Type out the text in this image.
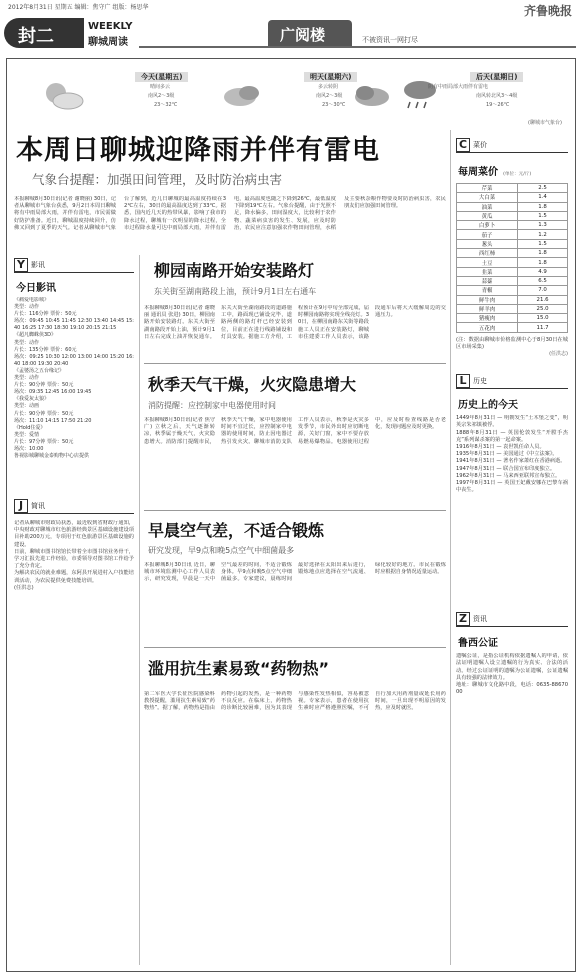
2012年8月31日 星期五 编辑：焦守广 组版：杨思华	齐鲁晚报
封二	WEEKLY
聊城周读	广阅楼	不被资讯一网打尽
今天(星期五)
晴间多云
南风2～3级
23～32℃
明天(星期六)
多云转阴
南风2～3级
23～30℃
后天(星期日)
阴有中雨局部大雨伴有雷电
南风转北风3～4级
19～26℃
(聊城市气象台)
本周日聊城迎降雨并伴有雷电
气象台提醒：加强田间管理，及时防治病虫害

本报聊城8月30日讯(记者 谢晓丽) 30日，记者从聊城市气象台获悉，9月2日本周日聊城将有中雨局部大雨，并伴有雷电，市民需做好防护准备。近日，聊城温度持续回升，仿佛又回到了夏季的天气。记者从聊城市气象台了解到，近几日聊城的最高温度持续在32℃左右，30日的最高温度达到了33℃。据悉，国内近几天的热带风暴，影响了我市的降水过程，聊城有一次明显的降水过程，全市过程降水量可达中雨局部大雨，并伴有雷电，最高温度也随之下降到26℃，最低温度下降到19℃左右。气象台提醒，由于光照不足，降水偏多，田间湿度大，比较利于农作物、蔬菜病虫害的发生、发展，应及时防治，农民应注意加强农作物田间管理，水稻及主要秋杂粮作物要及时防治病虫害，农民朋友们应加强田间管理。

Y 影讯
今日影讯

《痛爱电影城》
类型：动作
片长：116分钟 票价：50元
场次：09:45 10:45 11:45 12:30 13:40 14:45 15:40 16:25 17:30 18:30 19:10 20:15 21:15
《超凡蜘蛛侠3D》
类型：动作
片长：135分钟 票价：60元
场次：09:25 10:30 12:00 13:00 14:00 15:20 16:40 18:00 19:30 20:40
《孟婆汤之五台缘记》
类型：动作
片长：90分钟 票价：50元
场次：09:35 12:45 16:00 19:45
《我爱灰太狼》
类型：动画
片长：90分钟 票价：50元
场次：11:10 14:15 17:50 21:20
《Hold住爱》
类型：爱情
片长：97分钟 票价：50元
场次：10:00
鲁视影城聊城金泰购物中心店提供

J	简讯

记者从聊城市财政局获悉，最近收到省财政厅通知，中央财政对聊城市红色旅游经典景区基础设施建设项目补助200万元，专项用于红色旅游景区基础设施的建设。
日前，聊城市图书馆馆长带着全市图书馆业务骨干，学习汇报先进工作经验，市委领导对图书馆工作给予了充分肯定。
为解决农民的就业难题，东阿县开展进村入户技能培训活动，为农民提供免费技能培训。
(任洪志)

柳园南路开始安装路灯
东关街至湖南路段上油，预计9月1日左右通车

本报聊城8月30日讯(记者 谢晓丽 通讯员 张进) 30日，柳园南路开始安装路灯。东关大街至湖南路段开始上油，预计9月1日左右完成上油并恢复通车。东关大街至湖南路段的道路施工中，路面现已铺设完毕，道路两侧的路灯杆已经安装到位，目前正在进行线路铺设和灯具安装。据施工方介绍，工程预计在9月中旬全部完成，届时柳园南路将实现全线亮灯。30日，在柳园南路东关街等路段施工人员正在安装路灯，聊城市住建委工作人员表示，该路段通车后将大大缓解周边的交通压力。

秋季天气干燥，火灾隐患增大
消防提醒：应控制家中电器使用时间

本报聊城8月30日讯(记者 焦守广) 立秋之后，天气逐渐转凉，秋季属于燥天气，火灾隐患增大。消防部门提醒市民，秋季天气干燥，家中电器使用时间不宜过长，应控制家中电器的使用时间，防止因电器过热引发火灾。聊城市消防支队工作人员表示，秋季是火灾多发季节，市民外出时应切断电源，关好门窗，家中不要存放易燃易爆物品。电器使用过程中，应及时检查线路是否老化，发现问题应及时更换。

早晨空气差，不适合锻炼
研究发现，早9点和晚5点空气中细菌最多

本报聊城8月30日讯 近日，聊城市环境监测中心工作人员表示，研究发现，早晨是一天中空气最差的时间，不适合锻炼身体。早9点和晚5点空气中细菌最多。专家建议，晨练时间最好选择在太阳出来后进行，锻炼地点应选择在空气流通、绿化较好的地方。市民在锻炼时应根据自身情况适量运动。

滥用抗生素易致“药物热”

第二军医大学长征医院感染科教授提醒，滥用抗生素易致“药物热”。据了解，药物热是指由药物引起的发热，是一种药物不良反应。在临床上，药物热的诊断比较困难，因为其表现与感染性发热相似，容易被忽视。专家表示，患者在使用抗生素时应严格遵照医嘱，不可自行加大用药剂量或延长用药时间，一旦出现不明原因的发热，应及时就医。

C 菜价
每周菜价 (单位：元/斤)
芹菜	2.5
大白菜	1.4
油菜	1.8
黄瓜	1.5
白萝卜	1.3
茄子	1.2
葱头	1.5
西红柿	1.8
土豆	1.8
韭菜	4.9
蒜薹	6.5
青椒	7.0
鲜牛肉	21.6
鲜羊肉	25.0
猪瘦肉	15.0
五花肉	11.7

(注：数据由聊城市价格监测中心于8月30日在城区市场采集)

(任洪志)
L 历史
历史上的今天

1449年8月31日 — 明朝发生“土木堡之变”，明英宗朱祁镇被俘。
1888年8月31日 — 英国伦敦发生“开膛手杰克”系列谋杀案的第一起命案。
1916年8月31日 — 袁世凯任命人员。
1935年8月31日 — 美国通过《中立法案》。
1941年8月31日 — 著名作家萧红在香港病逝。
1947年8月31日 — 联合国宣布印度独立。
1962年8月31日 — 马来西亚联邦宣布独立。
1997年8月31日 — 英国王妃戴安娜在巴黎车祸中丧生。

Z 资讯
鲁西公证

遗嘱公证，是指公证机构依据遗嘱人的申请，依法证明遗嘱人设立遗嘱的行为真实、合法的活动。经过公证证明的遗嘱为公证遗嘱，公证遗嘱具有较强的法律效力。
地址：聊城市文化路中段，电话：0635-8867000
